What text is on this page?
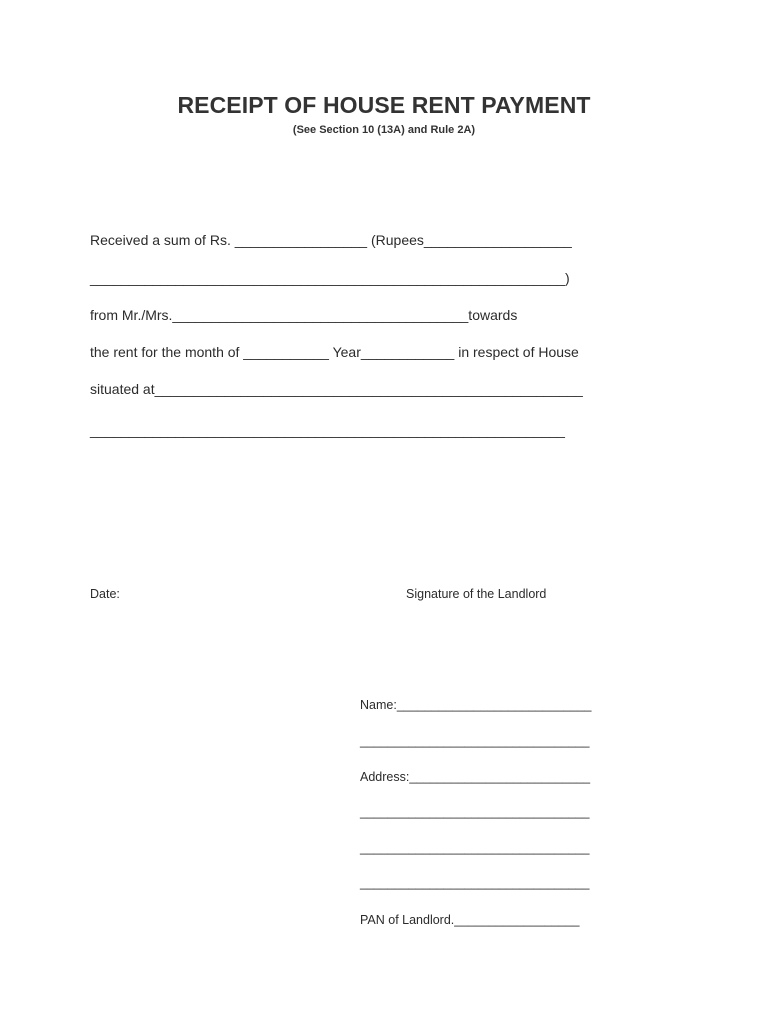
RECEIPT OF HOUSE RENT PAYMENT
(See Section 10 (13A) and Rule 2A)
Received a sum of Rs. _________________ (Rupees___________________
_____________________________________________________________)
from Mr./Mrs.______________________________________towards
the rent for the month of ___________ Year____________ in respect of House
situated at_______________________________________________________
_____________________________________________________________
Date:	Signature of the Landlord
Name:____________________________
_________________________________
Address:__________________________
_________________________________
_________________________________
_________________________________
PAN of Landlord.__________________
